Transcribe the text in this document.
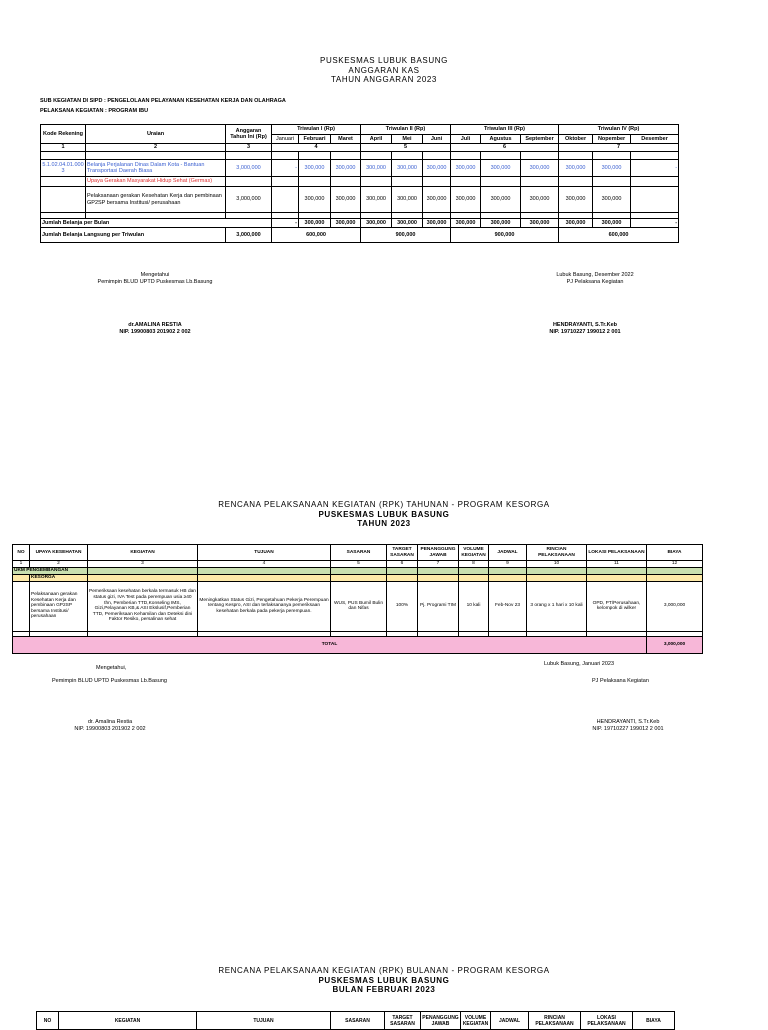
PUSKESMAS LUBUK BASUNG
ANGGARAN KAS
TAHUN ANGGARAN 2023
SUB KEGIATAN DI SIPD : PENGELOLAAN PELAYANAN KESEHATAN KERJA DAN OLAHRAGA
PELAKSANA KEGIATAN : PROGRAM IBU
Kode Rekening	Uraian	Anggaran Tahun Ini (Rp)	Triwulan I (Rp)			Triwulan II (Rp)			Triwulan III (Rp)			Triwulan IV (Rp)		
			Januari	Februari	Maret	April	Mei	Juni	Juli	Agustus	September	Oktober	Nopember	Desember
1	2	3	4			5			6			7		

5.1.02.04.01.0003	Belanja Perjalanan Dinas Dalam Kota - Bantuan Transportasi Daerah Biasa	3,000,000	-	300,000	300,000	300,000	300,000	300,000	300,000	300,000	300,000	300,000	300,000	-
	Upaya Gerakan Masyarakat Hidup Sehat (Germas)													
	Pelaksanaan gerakan Kesehatan Kerja dan pembinaan GP2SP bersama Institusi/ perusahaan	3,000,000		300,000	300,000	300,000	300,000	300,000	300,000	300,000	300,000	300,000	300,000	

Jumlah Belanja per Bulan			-	300,000	300,000	300,000	300,000	300,000	300,000	300,000	300,000	300,000	300,000	-
Jumlah Belanja Langsung per Triwulan		3,000,000	600,000			900,000			900,000			600,000		
Mengetahui
Pemimpin BLUD UPTD Puskesmas Lb.Basung
dr.AMALINA RESTIA
NIP. 19900803 201902 2 002
Lubuk Basung, Desember 2022
PJ Pelaksana Kegiatan
HENDRAYANTI, S.Tr.Keb
NIP. 19710227 199012 2 001
RENCANA PELAKSANAAN KEGIATAN (RPK) TAHUNAN - PROGRAM KESORGA
PUSKESMAS LUBUK BASUNG
TAHUN 2023
NO	UPAYA KESEHATAN	KEGIATAN	TUJUAN	SASARAN	TARGET SASARAN	PENANGGUNG JAWAB	VOLUME KEGIATAN	JADWAL	RINCIAN PELAKSANAAN	LOKASI PELAKSANAAN	BIAYA
1	2	3	4	5	6	7	8	9	10	11	12
UKM PENGEMBANGAN											
	KESORGA										
	Pelaksanaan gerakan Kesehatan Kerja dan pembinaan GP2SP bersama Institusi/ perusahaan	Pemeriksaan kesehatan berkala termasuk HB dan status gizi, IVA Test pada perempuan usia ≥40 thn, Pemberian TTD,Konseling IMS, Gizi,Pelayanan KB,& ASI Ekslusif,Pemberian TTD, Pemeriksaan Kehamilan dan Deteksi dini Faktor Resiko, persalinan sehat	Meningkatkan Status Gizi, Pengetahuan Pekerja Perempuan tentang Kespro, ASI dan terlaksananya pemeriksaan kesehatan berkala pada pekerja perempuan.	WUS, PUS Bumil Bulin dan Nifas	100%	Pj. Programi TIM	10 kali	Feb-Nov 23	3 orang x 1 hari x 10 kali	OPD, PT/Perusahaan, kelompok di wilker	3,000,000

TOTAL											3,000,000
Mengetahui,
Pemimpin BLUD UPTD Puskesmas Lb.Basung
dr. Amalina Restia
NIP. 19900803 201902 2 002
Lubuk Basung, Januari 2023
PJ Pelaksana Kegiatan
HENDRAYANTI, S.Tr.Keb
NIP. 19710227 199012 2 001
RENCANA PELAKSANAAN KEGIATAN (RPK) BULANAN - PROGRAM KESORGA
PUSKESMAS LUBUK BASUNG
BULAN FEBRUARI 2023
NO	KEGIATAN	TUJUAN	SASARAN	TARGET SASARAN	PENANGGUNG JAWAB	VOLUME KEGIATAN	JADWAL	RINCIAN PELAKSANAAN	LOKASI PELAKSANAAN	BIAYA
